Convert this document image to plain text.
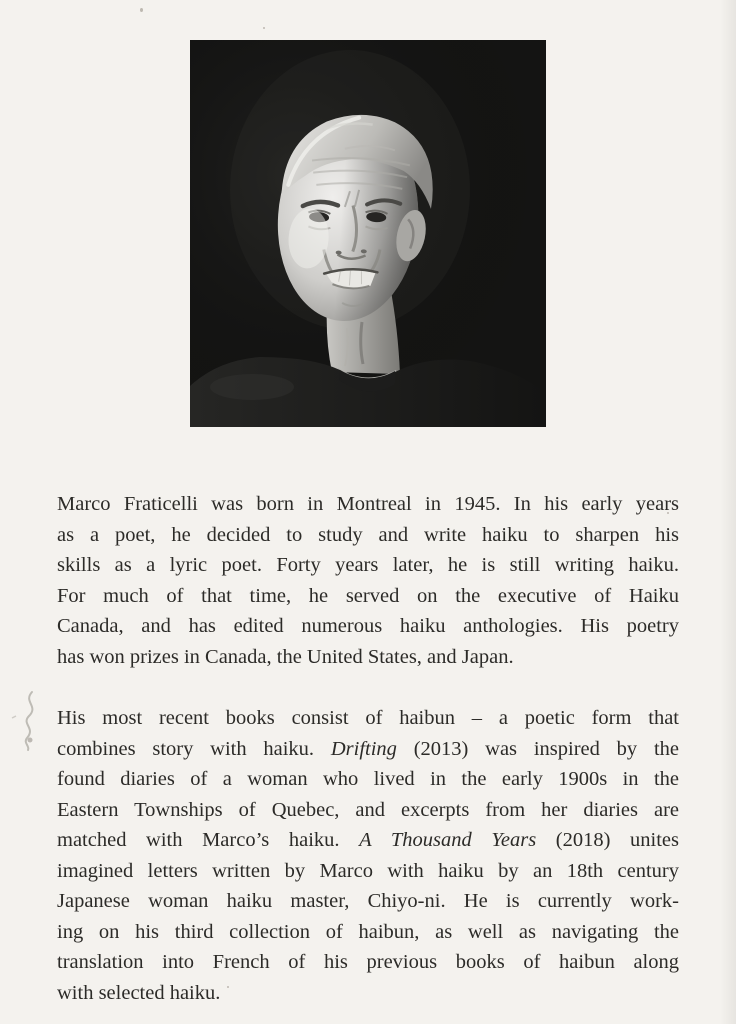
Marco Fraticelli was born in Montreal in 1945. In his early years
as a poet, he decided to study and write haiku to sharpen his
skills as a lyric poet. Forty years later, he is still writing haiku.
For much of that time, he served on the executive of Haiku
Canada, and has edited numerous haiku anthologies. His poetry
has won prizes in Canada, the United States, and Japan.

His most recent books consist of haibun – a poetic form that
combines story with haiku. Drifting (2013) was inspired by the
found diaries of a woman who lived in the early 1900s in the
Eastern Townships of Quebec, and excerpts from her diaries are
matched with Marco’s haiku. A Thousand Years (2018) unites
imagined letters written by Marco with haiku by an 18th century
Japanese woman haiku master, Chiyo-ni. He is currently work-
ing on his third collection of haibun, as well as navigating the
translation into French of his previous books of haibun along
with selected haiku.
